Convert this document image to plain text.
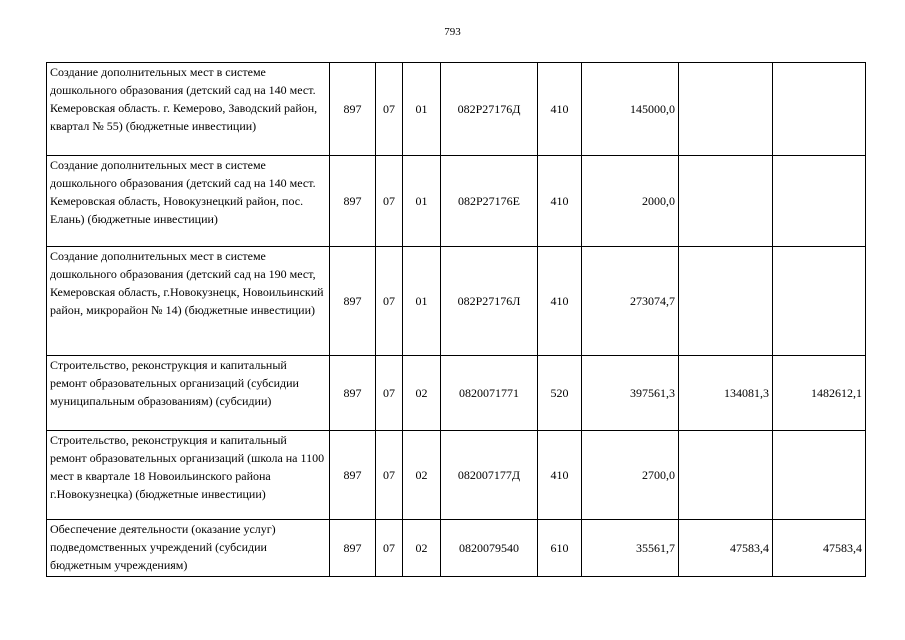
793
Создание дополнительных мест в системе дошкольного образования (детский сад на 140 мест. Кемеровская область. г. Кемерово, Заводский район, квартал № 55) (бюджетные инвестиции)	897	07	01	082Р27176Д	410	145000,0		
Создание дополнительных мест в системе дошкольного образования (детский сад на 140 мест. Кемеровская область, Новокузнецкий район, пос. Елань) (бюджетные инвестиции)	897	07	01	082Р27176Е	410	2000,0		
Создание дополнительных мест в системе дошкольного образования (детский сад на 190 мест, Кемеровская область, г.Новокузнецк, Новоильинский район, микрорайон № 14) (бюджетные инвестиции)	897	07	01	082Р27176Л	410	273074,7		
Строительство, реконструкция и капитальный ремонт образовательных организаций (субсидии муниципальным образованиям) (субсидии)	897	07	02	0820071771	520	397561,3	134081,3	1482612,1
Строительство, реконструкция и капитальный ремонт образовательных организаций (школа на 1100 мест в квартале 18 Новоильинского района г.Новокузнецка) (бюджетные инвестиции)	897	07	02	082007177Д	410	2700,0		
Обеспечение деятельности (оказание услуг) подведомственных учреждений (субсидии бюджетным учреждениям)	897	07	02	0820079540	610	35561,7	47583,4	47583,4
